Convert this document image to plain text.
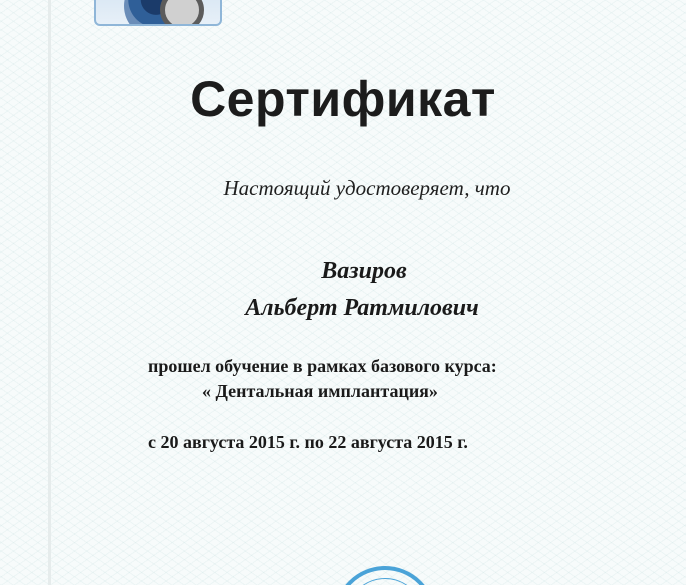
Сертификат
Настоящий удостоверяет, что
Вазиров
Альберт Ратмилович
прошел обучение в рамках базового курса:
« Дентальная имплантация»
с 20 августа 2015 г. по 22 августа 2015 г.
